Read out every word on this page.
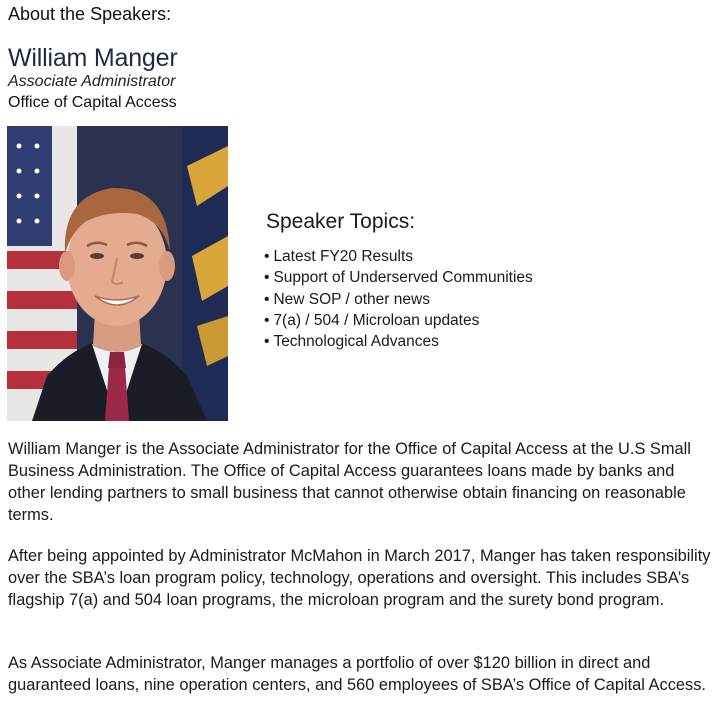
About the Speakers:
William Manger
Associate Administrator
Office of Capital Access
Speaker Topics:
• Latest FY20 Results
• Support of Underserved Communities
• New SOP / other news
• 7(a) / 504 / Microloan updates
• Technological Advances

William Manger is the Associate Administrator for the Office of Capital Access at the U.S Small Business Administration. The Office of Capital Access guarantees loans made by banks and other lending partners to small business that cannot otherwise obtain financing on reasonable terms.

After being appointed by Administrator McMahon in March 2017, Manger has taken responsibility over the SBA’s loan program policy, technology, operations and oversight. This includes SBA’s flagship 7(a) and 504 loan programs, the microloan program and the surety bond program.

As Associate Administrator, Manger manages a portfolio of over $120 billion in direct and guaranteed loans, nine operation centers, and 560 employees of SBA’s Office of Capital Access.
